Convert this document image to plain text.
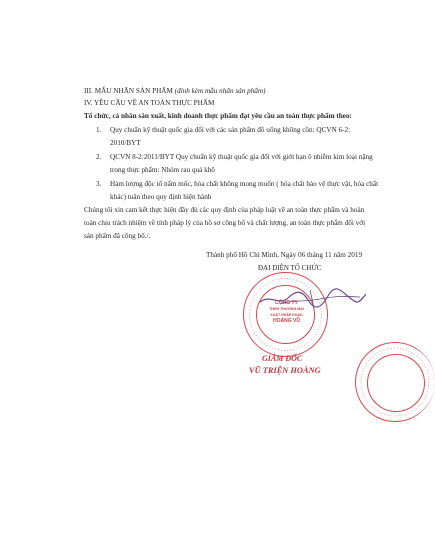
III. MẪU NHÃN SẢN PHẨM (đính kèm mẫu nhãn sản phẩm)
IV. YÊU CẦU VỀ AN TOÀN THỰC PHẨM
Tổ chức, cá nhân sản xuất, kinh doanh thực phẩm đạt yêu cầu an toàn thực phẩm theo:
1. Quy chuẩn kỹ thuật quốc gia đối với các sản phẩm đồ uống không cồn: QCVN 6-2:
2010/BYT
2. QCVN 8-2:2011/BYT Quy chuẩn kỹ thuật quốc gia đối với giới hạn ô nhiễm kim loại nặng
trong thực phẩm: Nhóm rau quả khô
3. Hàm lượng độc tố nấm mốc, hóa chất không mong muốn ( hóa chất bảo vệ thực vật, hóa chất
khác) tuân theo quy định hiện hành
Chúng tôi xin cam kết thực hiện đầy đủ các quy định của pháp luật về an toàn thực phẩm và hoàn
toàn chịu trách nhiệm về tính pháp lý của hồ sơ công bố và chất lượng, an toàn thực phẩm đối với
sản phẩm đã công bố./.
Thành phố Hồ Chí Minh, Ngày 06 tháng 11 năm 2019
ĐẠI DIỆN TỔ CHỨC
CÔNG TY
TNHH THƯƠNG MẠI
XUẤT NHẬP KHẨU
HOÀNG VŨ
GIÁM ĐỐC
VŨ TRIỆN HOÀNG
